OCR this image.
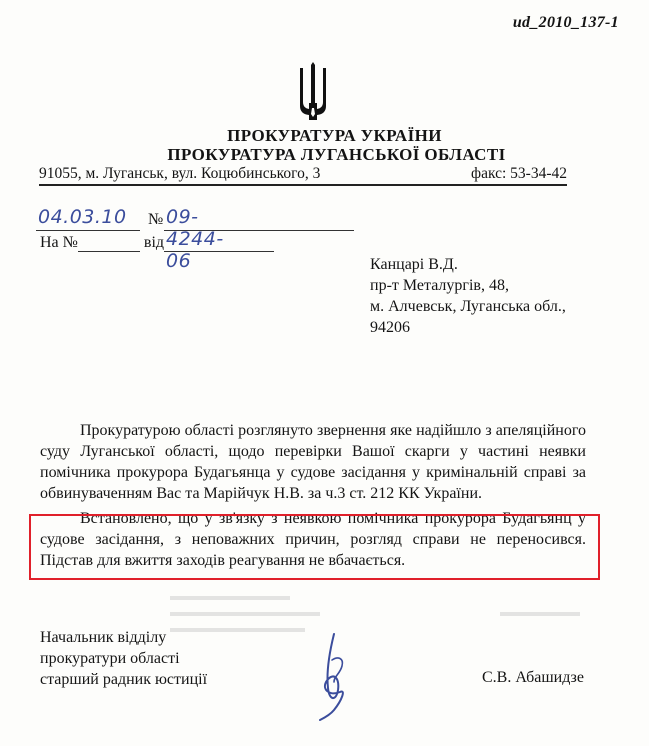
ud_2010_137-1
ПРОКУРАТУРА УКРАЇНИ
ПРОКУРАТУРА ЛУГАНСЬКОЇ ОБЛАСТІ
91055, м. Луганськ, вул. Коцюбинського, 3	факс: 53-34-42
04.03.10 № 09-4244-06
На №	від
Канцарі В.Д.
пр-т Металургів, 48,
м. Алчевськ, Луганська обл.,
94206

Прокуратурою області розглянуто звернення яке надійшло з апеляційного суду Луганської області, щодо перевірки Вашої скарги у частині неявки помічника прокурора Будагьянца у судове засідання у кримінальній справі за обвинуваченням Вас та Марійчук Н.В. за ч.3 ст. 212 КК України.

Встановлено, що у зв'язку з неявкою помічника прокурора Будагьянц у судове засідання, з неповажних причин, розгляд справи не переносився. Підстав для вжиття заходів реагування не вбачається.

Начальник відділу
прокуратури області
старший радник юстиції	С.В. Абашидзе
